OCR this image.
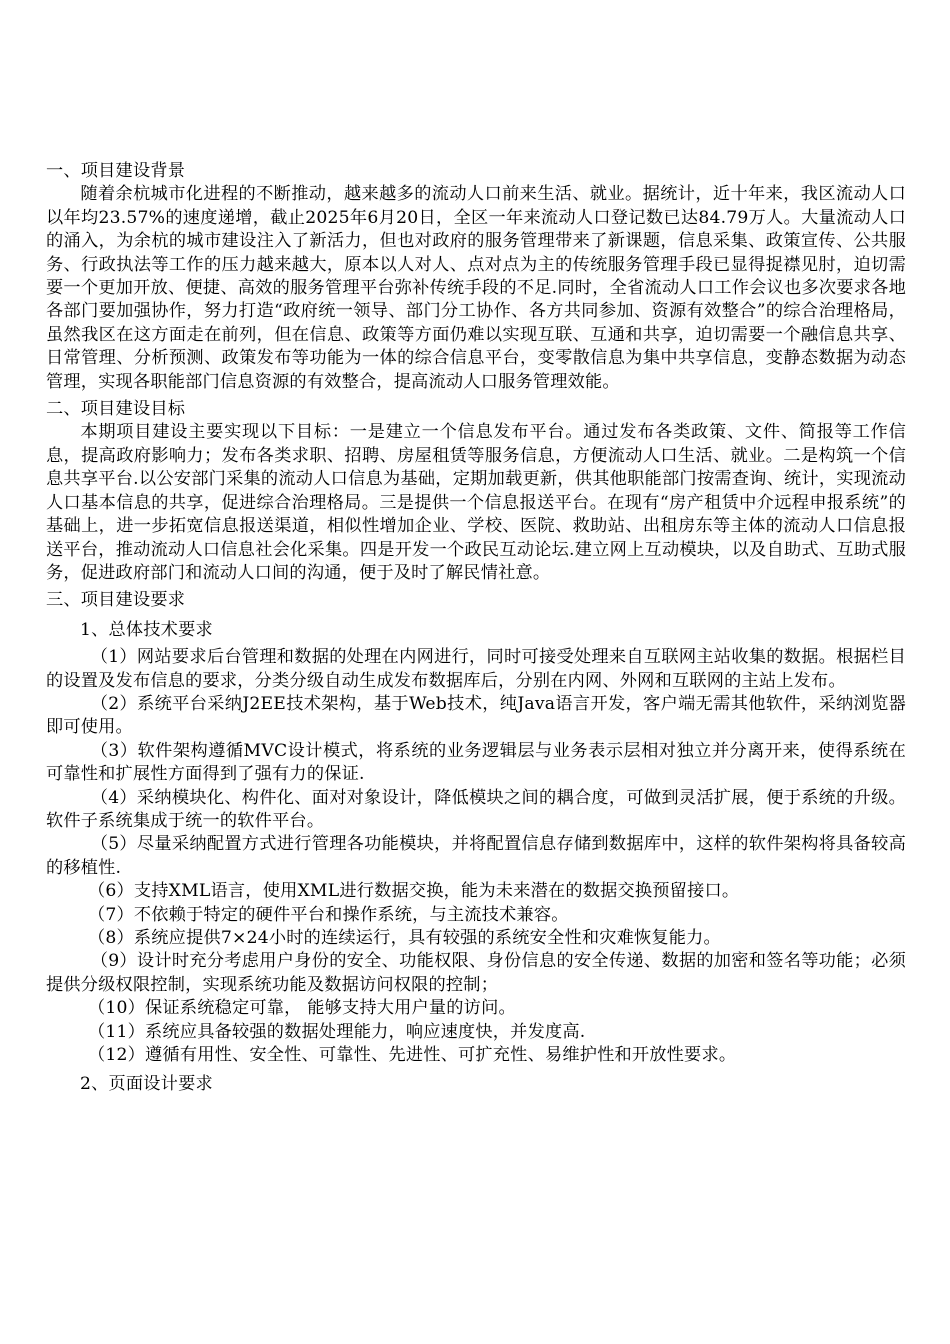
一、项目建设背景

随着余杭城市化进程的不断推动，越来越多的流动人口前来生活、就业。据统计，近十年来，我区流动人口以年均23.57%的速度递增，截止2025年6月20日，全区一年来流动人口登记数已达84.79万人。大量流动人口的涌入，为余杭的城市建设注入了新活力，但也对政府的服务管理带来了新课题，信息采集、政策宣传、公共服务、行政执法等工作的压力越来越大，原本以人对人、点对点为主的传统服务管理手段已显得捉襟见肘，迫切需要一个更加开放、便捷、高效的服务管理平台弥补传统手段的不足.同时，全省流动人口工作会议也多次要求各地各部门要加强协作，努力打造“政府统一领导、部门分工协作、各方共同参加、资源有效整合”的综合治理格局，虽然我区在这方面走在前列，但在信息、政策等方面仍难以实现互联、互通和共享，迫切需要一个融信息共享、日常管理、分析预测、政策发布等功能为一体的综合信息平台，变零散信息为集中共享信息，变静态数据为动态管理，实现各职能部门信息资源的有效整合，提高流动人口服务管理效能。

二、项目建设目标

本期项目建设主要实现以下目标：一是建立一个信息发布平台。通过发布各类政策、文件、简报等工作信息，提高政府影响力；发布各类求职、招聘、房屋租赁等服务信息，方便流动人口生活、就业。二是构筑一个信息共享平台.以公安部门采集的流动人口信息为基础，定期加载更新，供其他职能部门按需查询、统计，实现流动人口基本信息的共享，促进综合治理格局。三是提供一个信息报送平台。在现有“房产租赁中介远程申报系统”的基础上，进一步拓宽信息报送渠道，相似性增加企业、学校、医院、救助站、出租房东等主体的流动人口信息报送平台，推动流动人口信息社会化采集。四是开发一个政民互动论坛.建立网上互动模块，以及自助式、互助式服务，促进政府部门和流动人口间的沟通，便于及时了解民情社意。

三、项目建设要求

1、总体技术要求

（1）网站要求后台管理和数据的处理在内网进行，同时可接受处理来自互联网主站收集的数据。根据栏目的设置及发布信息的要求，分类分级自动生成发布数据库后，分别在内网、外网和互联网的主站上发布。

（2）系统平台采纳J2EE技术架构，基于Web技术，纯Java语言开发，客户端无需其他软件，采纳浏览器即可使用。

（3）软件架构遵循MVC设计模式，将系统的业务逻辑层与业务表示层相对独立并分离开来，使得系统在可靠性和扩展性方面得到了强有力的保证.

（4）采纳模块化、构件化、面对对象设计，降低模块之间的耦合度，可做到灵活扩展，便于系统的升级。软件子系统集成于统一的软件平台。

（5）尽量采纳配置方式进行管理各功能模块，并将配置信息存储到数据库中，这样的软件架构将具备较高的移植性.

（6）支持XML语言，使用XML进行数据交换，能为未来潜在的数据交换预留接口。

（7）不依赖于特定的硬件平台和操作系统，与主流技术兼容。

（8）系统应提供7×24小时的连续运行，具有较强的系统安全性和灾难恢复能力。

（9）设计时充分考虑用户身份的安全、功能权限、身份信息的安全传递、数据的加密和签名等功能；必须提供分级权限控制，实现系统功能及数据访问权限的控制；

（10）保证系统稳定可靠， 能够支持大用户量的访问。

（11）系统应具备较强的数据处理能力，响应速度快，并发度高.

（12）遵循有用性、安全性、可靠性、先进性、可扩充性、易维护性和开放性要求。

2、页面设计要求
